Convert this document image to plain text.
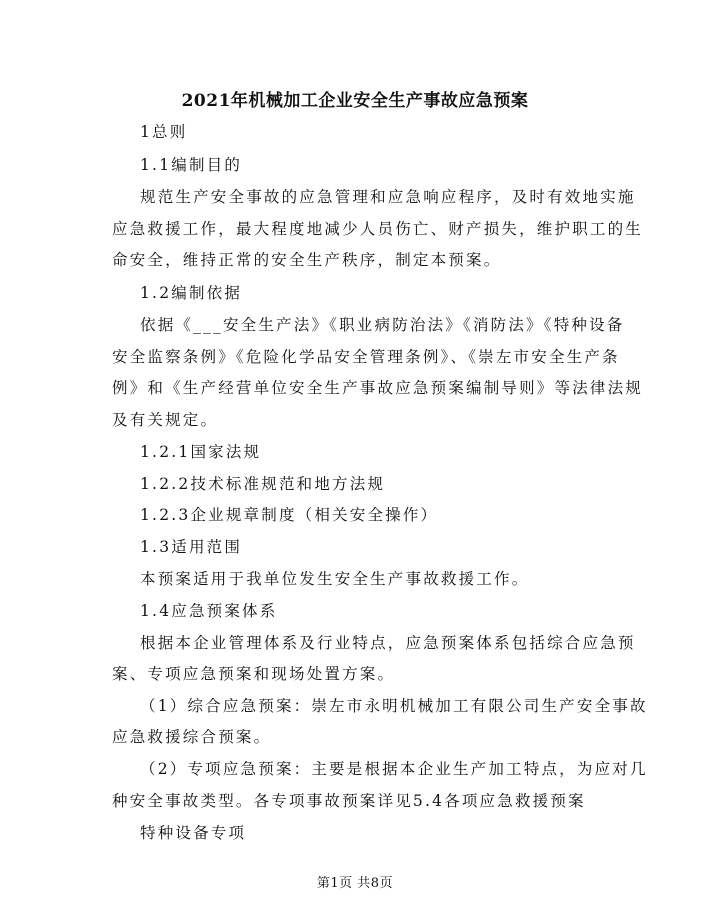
2021年机械加工企业安全生产事故应急预案
1总则
1.1编制目的
规范生产安全事故的应急管理和应急响应程序，及时有效地实施
应急救援工作，最大程度地减少人员伤亡、财产损失，维护职工的生
命安全，维持正常的安全生产秩序，制定本预案。
1.2编制依据
依据《___安全生产法》《职业病防治法》《消防法》《特种设备
安全监察条例》《危险化学品安全管理条例》、《崇左市安全生产条
例》和《生产经营单位安全生产事故应急预案编制导则》等法律法规
及有关规定。
1.2.1国家法规
1.2.2技术标准规范和地方法规
1.2.3企业规章制度（相关安全操作）
1.3适用范围
本预案适用于我单位发生安全生产事故救援工作。
1.4应急预案体系
根据本企业管理体系及行业特点，应急预案体系包括综合应急预
案、专项应急预案和现场处置方案。
（1）综合应急预案：崇左市永明机械加工有限公司生产安全事故
应急救援综合预案。
（2）专项应急预案：主要是根据本企业生产加工特点，为应对几
种安全事故类型。各专项事故预案详见5.4各项应急救援预案
特种设备专项
第1页 共8页
